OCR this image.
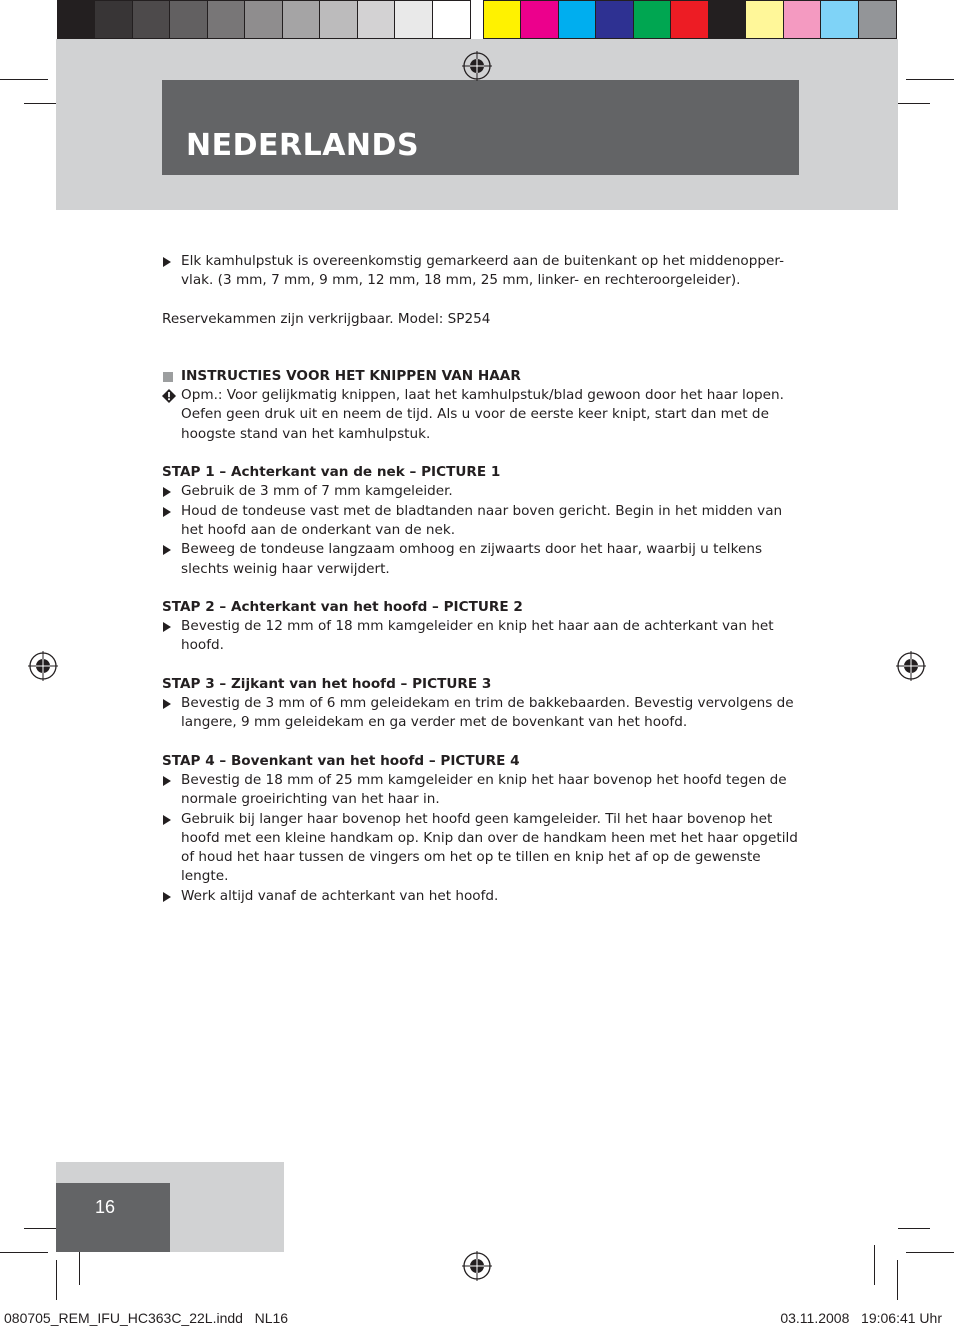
NEDERLANDS

Elk kamhulpstuk is overeenkomstig gemarkeerd aan de buitenkant op het middenopper-vlak. (3 mm, 7 mm, 9 mm, 12 mm, 18 mm, 25 mm, linker- en rechteroorgeleider).

Reservekammen zijn verkrijgbaar. Model: SP254

INSTRUCTIES VOOR HET KNIPPEN VAN HAAR

Opm.: Voor gelijkmatig knippen, laat het kamhulpstuk/blad gewoon door het haar lopen. Oefen geen druk uit en neem de tijd. Als u voor de eerste keer knipt, start dan met de hoogste stand van het kamhulpstuk.

STAP 1 – Achterkant van de nek – PICTURE 1

Gebruik de 3 mm of 7 mm kamgeleider.

Houd de tondeuse vast met de bladtanden naar boven gericht. Begin in het midden van het hoofd aan de onderkant van de nek.

Beweeg de tondeuse langzaam omhoog en zijwaarts door het haar, waarbij u telkens slechts weinig haar verwijdert.

STAP 2 – Achterkant van het hoofd – PICTURE 2

Bevestig de 12 mm of 18 mm kamgeleider en knip het haar aan de achterkant van het hoofd.

STAP 3 – Zijkant van het hoofd – PICTURE 3

Bevestig de 3 mm of 6 mm geleidekam en trim de bakkebaarden. Bevestig vervolgens de langere, 9 mm geleidekam en ga verder met de bovenkant van het hoofd.

STAP 4 – Bovenkant van het hoofd – PICTURE 4

Bevestig de 18 mm of 25 mm kamgeleider en knip het haar bovenop het hoofd tegen de normale groeirichting van het haar in.

Gebruik bij langer haar bovenop het hoofd geen kamgeleider. Til het haar bovenop het hoofd met een kleine handkam op. Knip dan over de handkam heen met het haar opgetild of houd het haar tussen de vingers om het op te tillen en knip het af op de gewenste lengte.

Werk altijd vanaf de achterkant van het hoofd.

16
080705_REM_IFU_HC363C_22L.indd   NL16	03.11.2008   19:06:41 Uhr
